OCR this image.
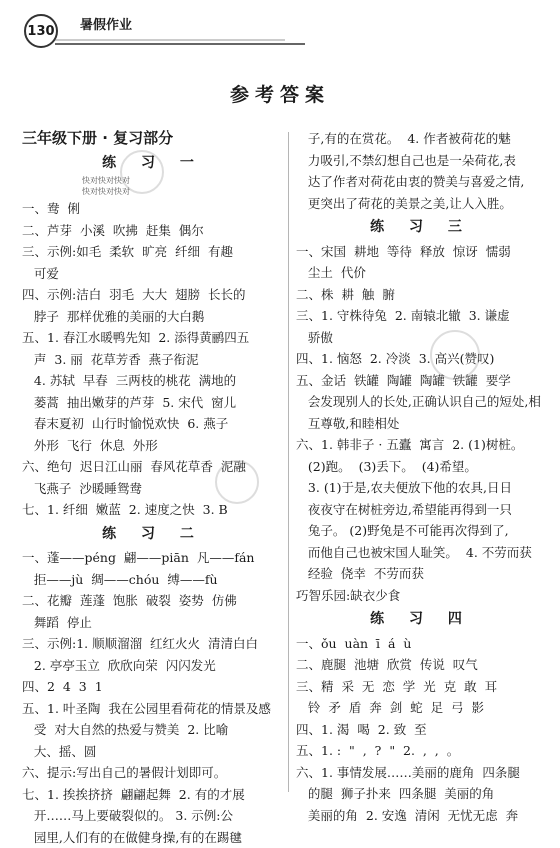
130 暑假作业
参考答案
三年级下册 · 复习部分
练 习 一
快对快对快对
快对快对快对
一、鸯  俐
二、芦芽  小溪  吹拂  赶集  偶尔
三、示例:如毛  柔软  旷亮  纤细  有趣
可爱
四、示例:洁白  羽毛  大大  翅膀  长长的
脖子  那样优雅的美丽的大白鹅
五、1. 春江水暖鸭先知  2. 添得黄鹂四五
声  3. 丽  花草芳香  燕子衔泥
4. 苏轼  早春  三两枝的桃花  满地的
蒌蒿  抽出嫩芽的芦芽  5. 宋代  窗儿
春末夏初  山行时愉悦欢快  6. 燕子
外形  飞行  休息  外形
六、绝句  迟日江山丽  春风花草香  泥融
飞燕子  沙暖睡鸳鸯
七、1. 纤细  嫩蓝  2. 速度之快  3. B
练 习 二
一、蓬——péng  翩——piān  凡——fán
拒——jù  绸——chóu  缚——fù
二、花瓣  莲蓬  饱胀  破裂  姿势  仿佛
舞蹈  停止
三、示例:1. 顺顺溜溜  红红火火  清清白白
2. 亭亭玉立  欣欣向荣  闪闪发光
四、2  4  3  1
五、1. 叶圣陶  我在公园里看荷花的情景及感
受  对大自然的热爱与赞美  2. 比喻
大、摇、圆
六、提示:写出自己的暑假计划即可。
七、1. 挨挨挤挤  翩翩起舞  2. 有的才展
开……马上要破裂似的。 3. 示例:公
园里,人们有的在做健身操,有的在踢毽
子,有的在赏花。  4. 作者被荷花的魅
力吸引,不禁幻想自己也是一朵荷花,表
达了作者对荷花由衷的赞美与喜爱之情,
更突出了荷花的美景之美,让人入胜。
练 习 三
一、宋国  耕地  等待  释放  惊讶  懦弱
尘土  代价
二、株  耕  触  腑
三、1. 守株待兔  2. 南辕北辙  3. 谦虚
骄傲
四、1. 恼怒  2. 冷淡  3. 高兴(赞叹)
五、金话  铁罐  陶罐  陶罐  铁罐  要学
会发现别人的长处,正确认识自己的短处,相
互尊敬,和睦相处
六、1. 韩非子 · 五蠹  寓言  2. (1)树桩。
(2)跑。  (3)丢下。  (4)希望。
3. (1)于是,农夫便放下他的农具,日日
夜夜守在树桩旁边,希望能再得到一只
兔子。 (2)野兔是不可能再次得到了,
而他自己也被宋国人耻笑。  4. 不劳而获
经验  侥幸  不劳而获
巧智乐园:缺衣少食
练 习 四
一、ǒu  uàn  ī  á  ù
二、鹿腿  池塘  欣赏  传说  叹气
三、精  采  无  恋  学  光  克  敢  耳
铃  矛  盾  奔  剑  蛇  足  弓  影
四、1. 渴  喝  2. 致  至
五、1. :  "  ,  ?  "  2.  ,  ,  。
六、1. 事情发展……美丽的鹿角  四条腿
的腿  狮子扑来  四条腿  美丽的角
美丽的角  2. 安逸  清闲  无忧无虑  奔
